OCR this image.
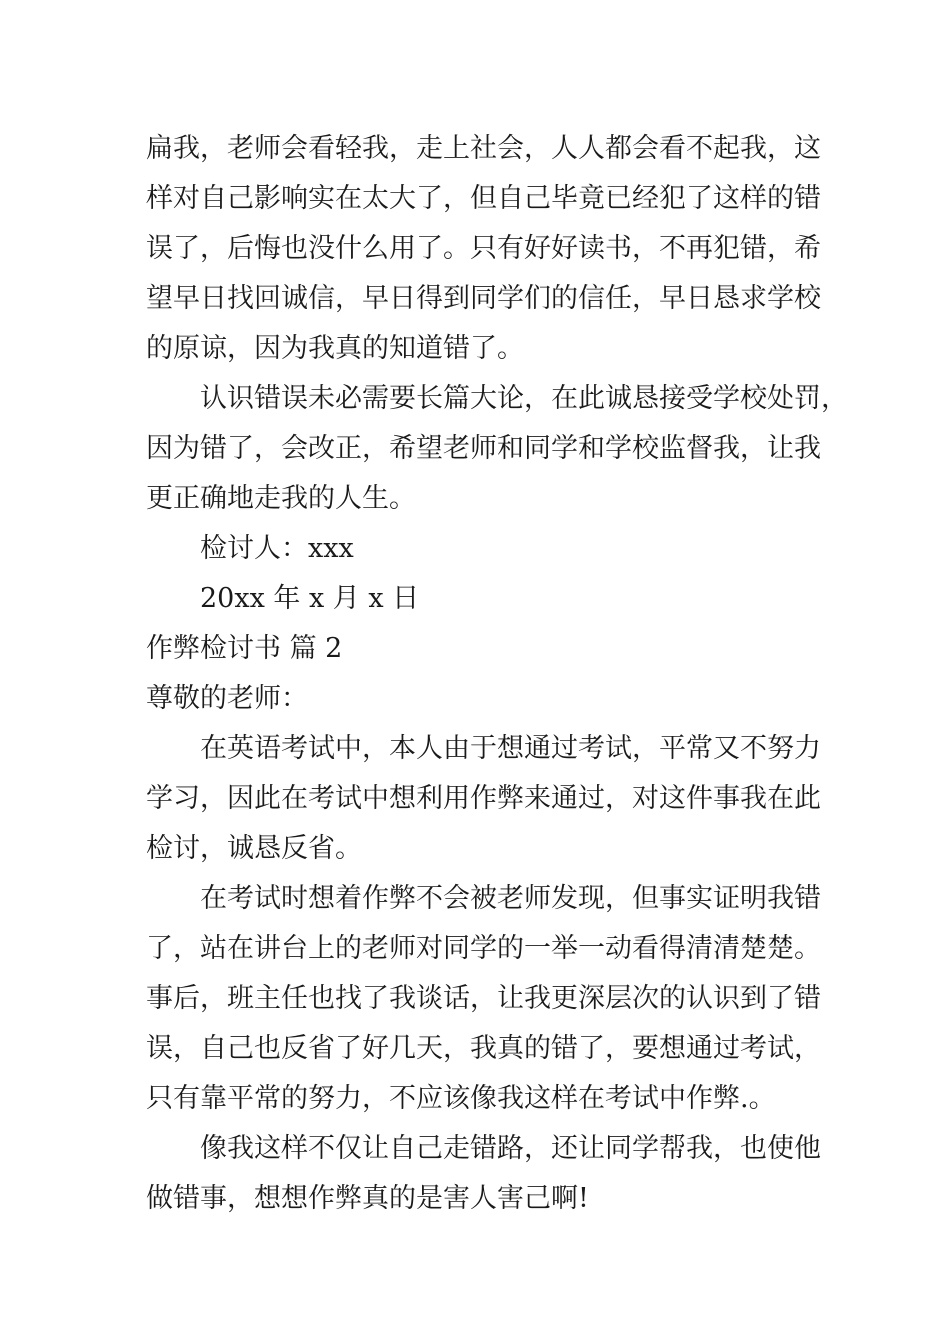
扁我，老师会看轻我，走上社会，人人都会看不起我，这
样对自己影响实在太大了，但自己毕竟已经犯了这样的错
误了，后悔也没什么用了。只有好好读书，不再犯错，希
望早日找回诚信，早日得到同学们的信任，早日恳求学校
的原谅，因为我真的知道错了。
认识错误未必需要长篇大论，在此诚恳接受学校处罚，
因为错了，会改正，希望老师和同学和学校监督我，让我
更正确地走我的人生。
检讨人：xxx
20xx 年 x 月 x 日
作弊检讨书 篇 2
尊敬的老师：
在英语考试中，本人由于想通过考试，平常又不努力
学习，因此在考试中想利用作弊来通过，对这件事我在此
检讨，诚恳反省。
在考试时想着作弊不会被老师发现，但事实证明我错
了，站在讲台上的老师对同学的一举一动看得清清楚楚。
事后，班主任也找了我谈话，让我更深层次的认识到了错
误，自己也反省了好几天，我真的错了，要想通过考试，
只有靠平常的努力，不应该像我这样在考试中作弊.。
像我这样不仅让自己走错路，还让同学帮我，也使他
做错事，想想作弊真的是害人害己啊!
